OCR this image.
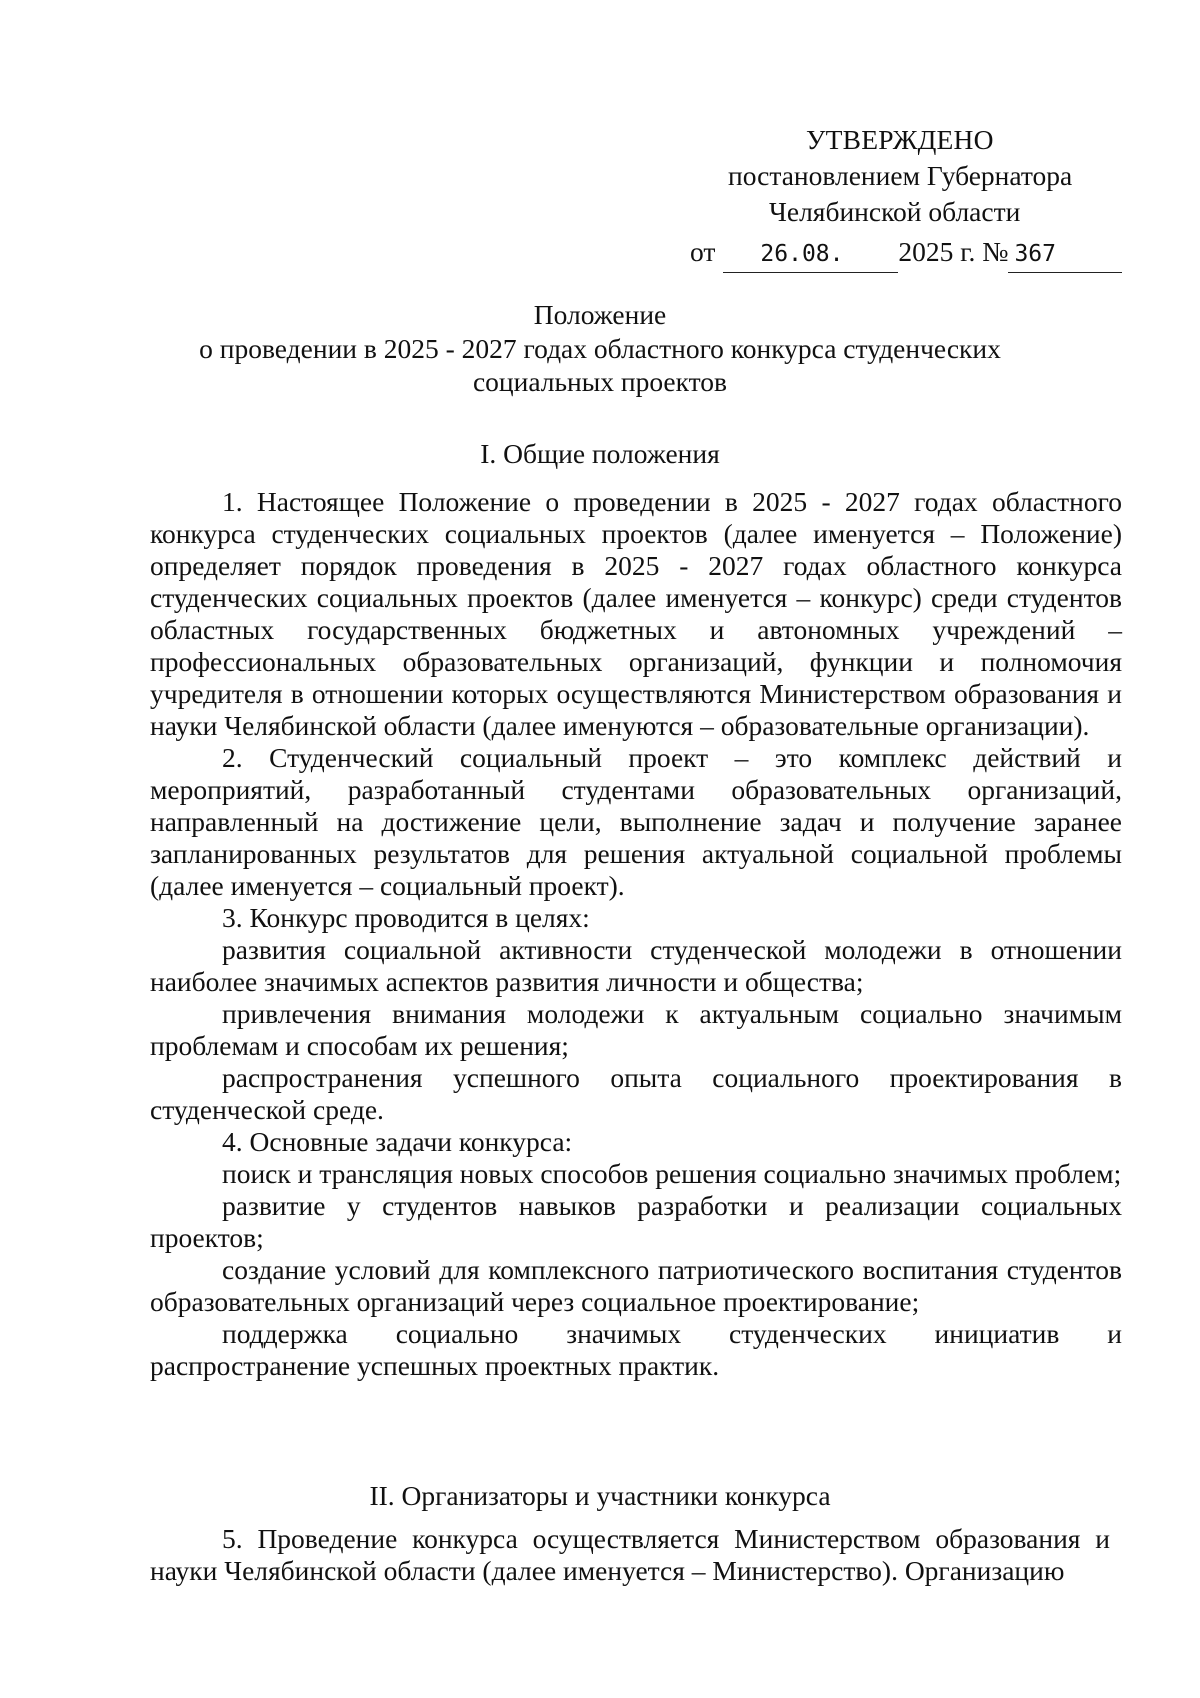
УТВЕРЖДЕНО
постановлением Губернатора
Челябинской области
от 26.08. 2025 г. № 367
Положение
о проведении в 2025 - 2027 годах областного конкурса студенческих
социальных проектов
I. Общие положения

1. Настоящее Положение о проведении в 2025 - 2027 годах областного конкурса студенческих социальных проектов (далее именуется – Положение) определяет порядок проведения в 2025 - 2027 годах областного конкурса студенческих социальных проектов (далее именуется – конкурс) среди студентов областных государственных бюджетных и автономных учреждений – профессиональных образовательных организаций, функции и полномочия учредителя в отношении которых осуществляются Министерством образования и науки Челябинской области (далее именуются – образовательные организации).

2. Студенческий социальный проект – это комплекс действий и мероприятий, разработанный студентами образовательных организаций, направленный на достижение цели, выполнение задач и получение заранее запланированных результатов для решения актуальной социальной проблемы (далее именуется – социальный проект).

3. Конкурс проводится в целях:

развития социальной активности студенческой молодежи в отношении наиболее значимых аспектов развития личности и общества;

привлечения внимания молодежи к актуальным социально значимым проблемам и способам их решения;

распространения успешного опыта социального проектирования в студенческой среде.

4. Основные задачи конкурса:

поиск и трансляция новых способов решения социально значимых проблем;

развитие у студентов навыков разработки и реализации социальных проектов;

создание условий для комплексного патриотического воспитания студентов образовательных организаций через социальное проектирование;

поддержка социально значимых студенческих инициатив и распространение успешных проектных практик.

II. Организаторы и участники конкурса

5. Проведение конкурса осуществляется Министерством образования и науки Челябинской области (далее именуется – Министерство). Организацию
